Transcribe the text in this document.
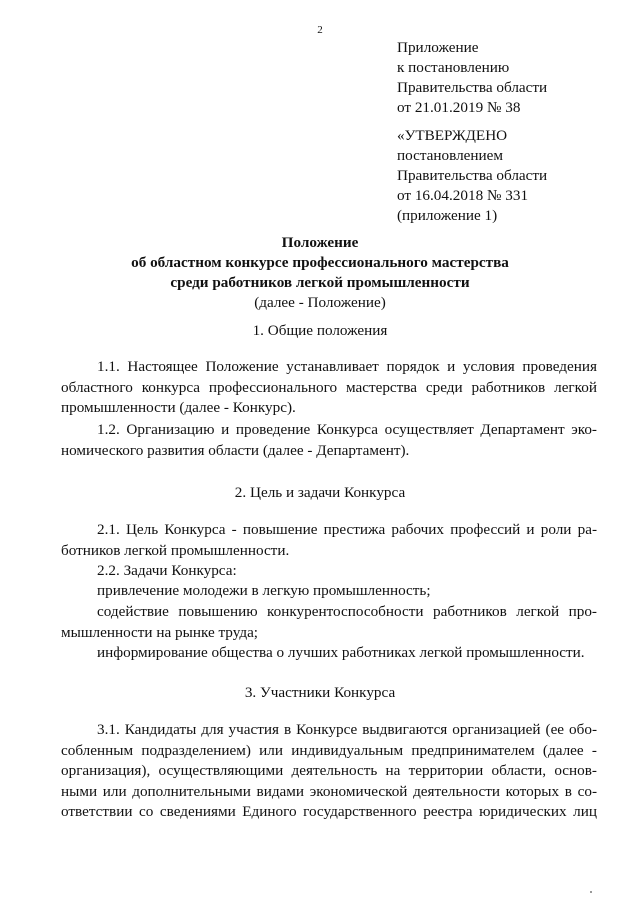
2
Приложение
к постановлению
Правительства области
от 21.01.2019 № 38
«УТВЕРЖДЕНО
постановлением
Правительства области
от 16.04.2018 № 331
(приложение 1)
Положение
об областном конкурсе профессионального мастерства
среди работников легкой промышленности
(далее - Положение)
1. Общие положения
1.1. Настоящее Положение устанавливает порядок и условия проведения
областного конкурса профессионального мастерства среди работников легкой
промышленности (далее - Конкурс).
1.2. Организацию и проведение Конкурса осуществляет Департамент эко-
номического развития области (далее - Департамент).
2. Цель и задачи Конкурса
2.1. Цель Конкурса - повышение престижа рабочих профессий и роли ра-
ботников легкой промышленности.
2.2. Задачи Конкурса:
привлечение молодежи в легкую промышленность;
содействие повышению конкурентоспособности работников легкой про-
мышленности на рынке труда;
информирование общества о лучших работниках легкой промышленности.
3. Участники Конкурса
3.1. Кандидаты для участия в Конкурсе выдвигаются организацией (ее обо-
собленным подразделением) или индивидуальным предпринимателем (далее -
организация), осуществляющими деятельность на территории области, основ-
ными или дополнительными видами экономической деятельности которых в со-
ответствии со сведениями Единого государственного реестра юридических лиц
